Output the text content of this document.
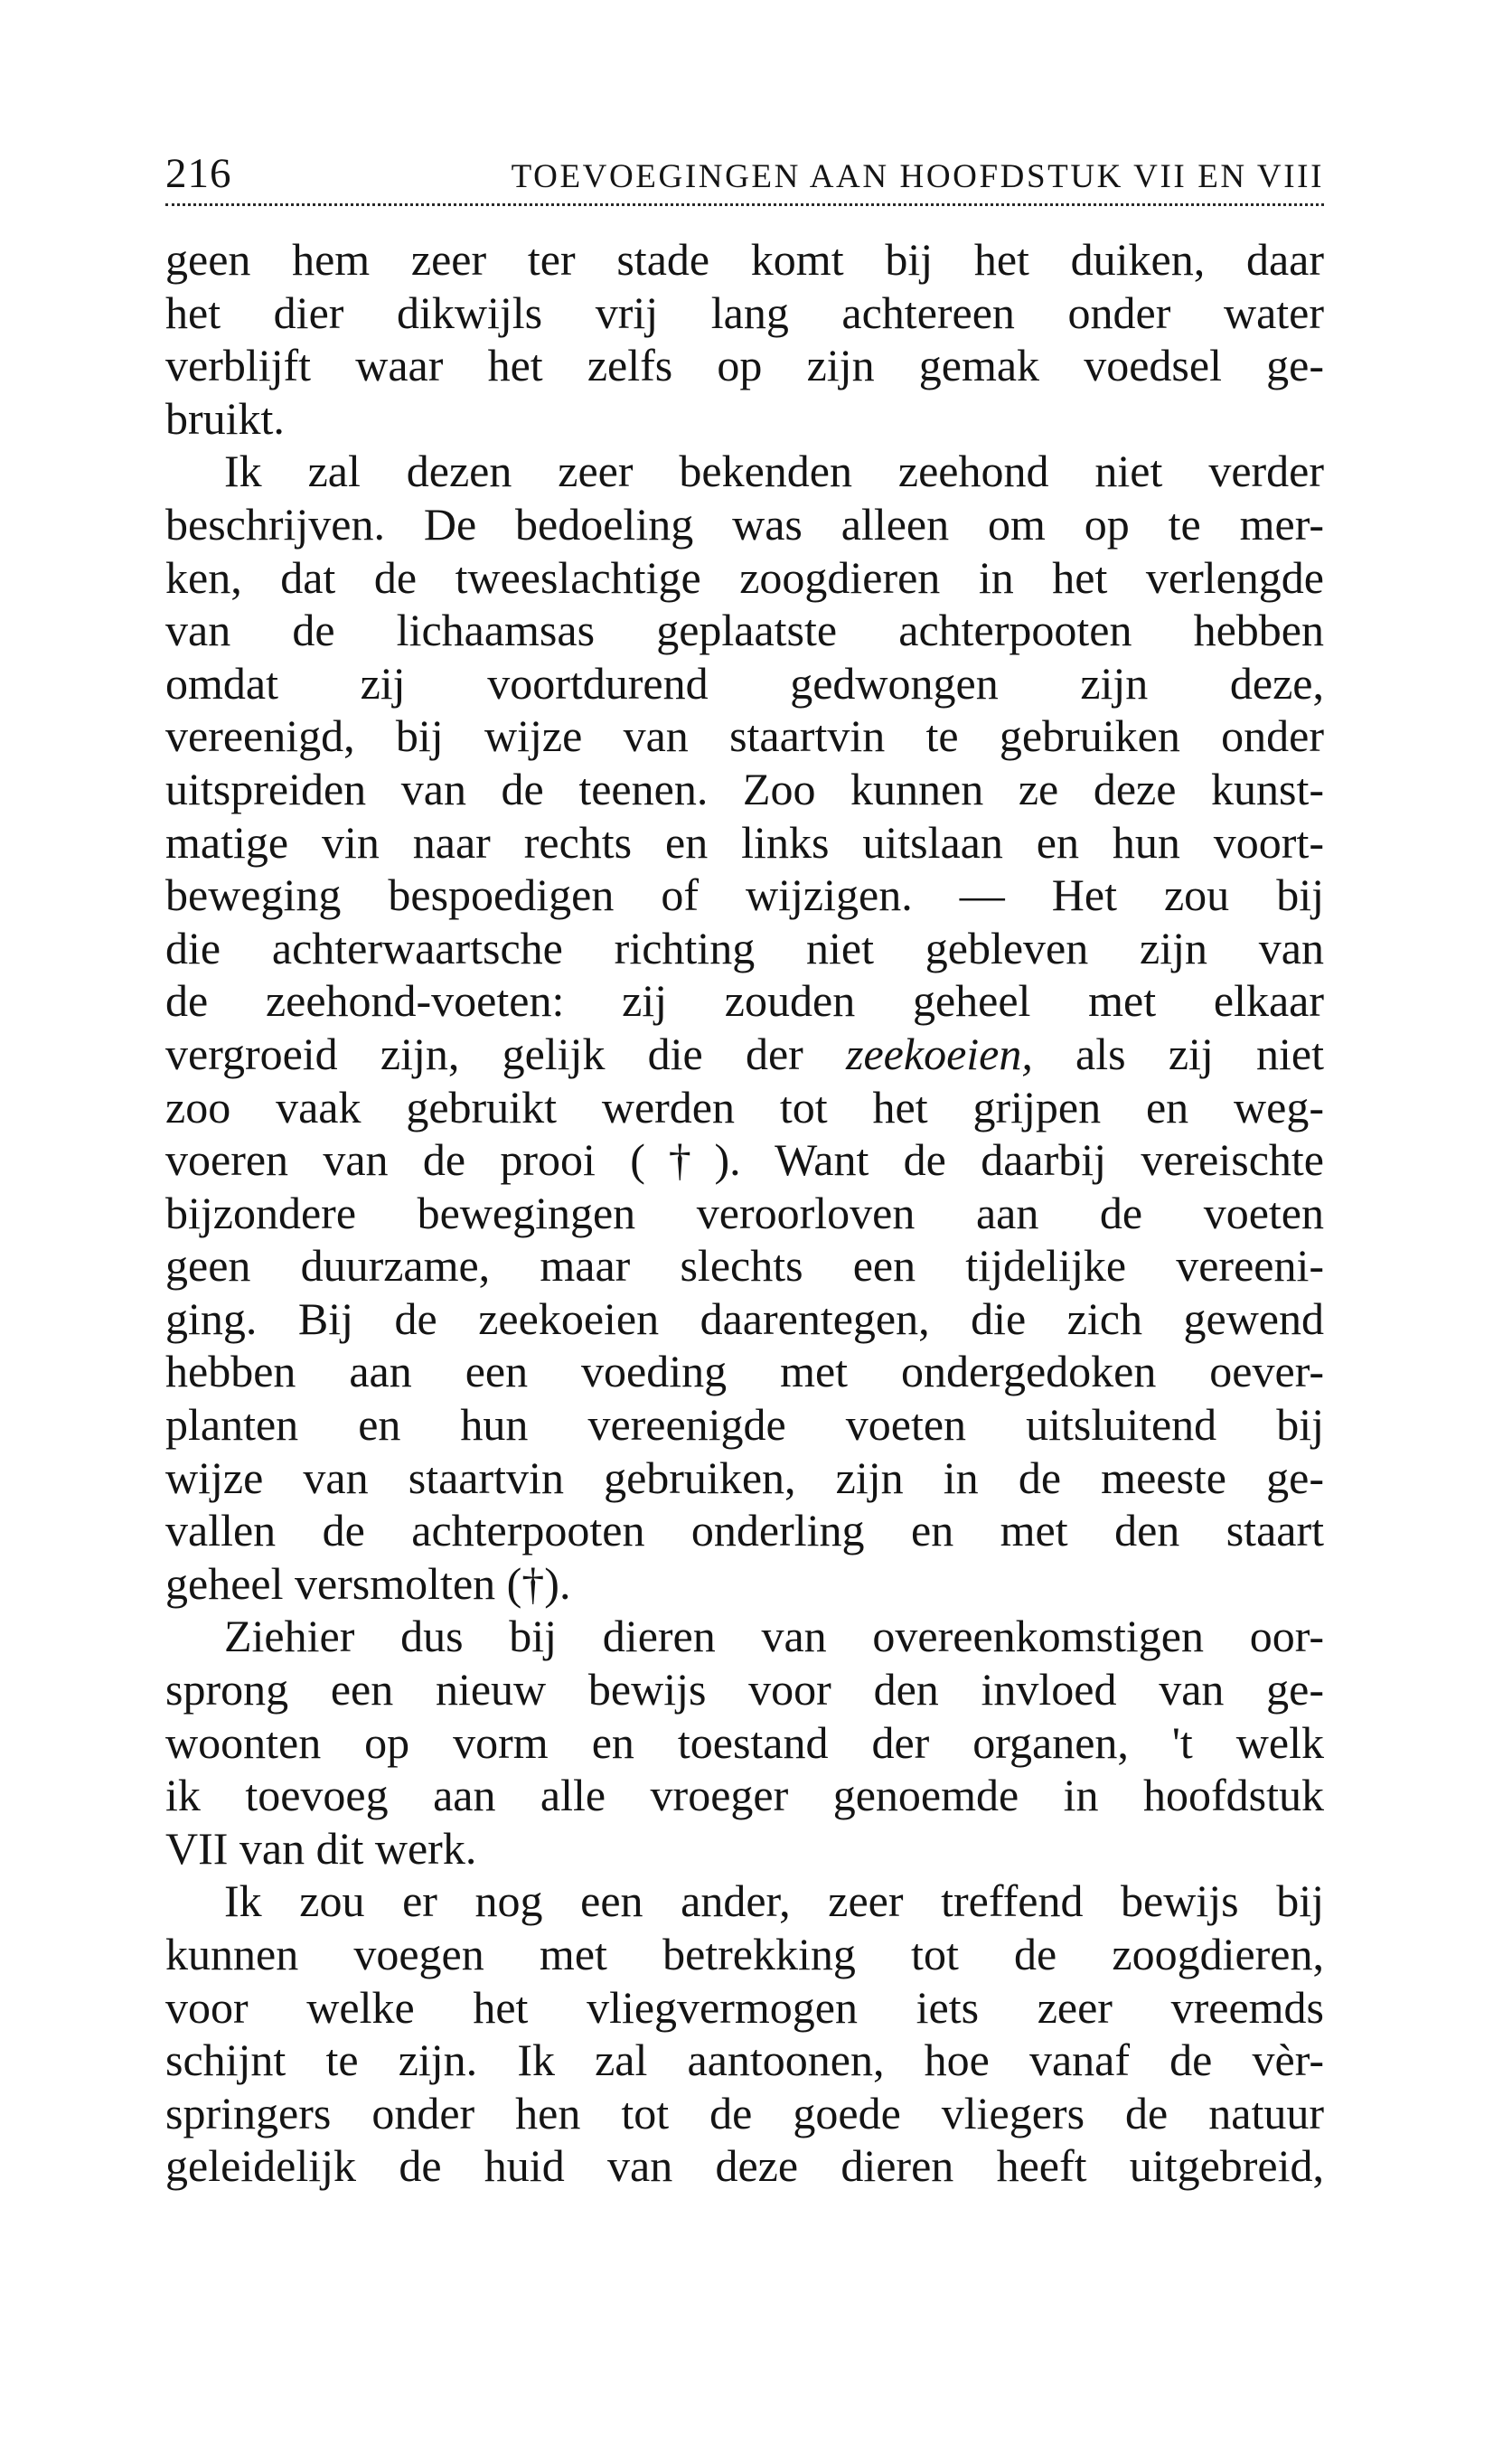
216	TOEVOEGINGEN AAN HOOFDSTUK VII EN VIII
geen hem zeer ter stade komt bij het duiken, daar
het dier dikwijls vrij lang achtereen onder water
verblijft waar het zelfs op zijn gemak voedsel ge-
bruikt.
Ik zal dezen zeer bekenden zeehond niet verder
beschrijven. De bedoeling was alleen om op te mer-
ken, dat de tweeslachtige zoogdieren in het verlengde
van de lichaamsas geplaatste achterpooten hebben
omdat zij voortdurend gedwongen zijn deze,
vereenigd, bij wijze van staartvin te gebruiken onder
uitspreiden van de teenen. Zoo kunnen ze deze kunst-
matige vin naar rechts en links uitslaan en hun voort-
beweging bespoedigen of wijzigen. — Het zou bij
die achterwaartsche richting niet gebleven zijn van
de zeehond-voeten: zij zouden geheel met elkaar
vergroeid zijn, gelijk die der zeekoeien, als zij niet
zoo vaak gebruikt werden tot het grijpen en weg-
voeren van de prooi (†). Want de daarbij vereischte
bijzondere bewegingen veroorloven aan de voeten
geen duurzame, maar slechts een tijdelijke vereeni-
ging. Bij de zeekoeien daarentegen, die zich gewend
hebben aan een voeding met ondergedoken oever-
planten en hun vereenigde voeten uitsluitend bij
wijze van staartvin gebruiken, zijn in de meeste ge-
vallen de achterpooten onderling en met den staart
geheel versmolten (†).
Ziehier dus bij dieren van overeenkomstigen oor-
sprong een nieuw bewijs voor den invloed van ge-
woonten op vorm en toestand der organen, 't welk
ik toevoeg aan alle vroeger genoemde in hoofdstuk
VII van dit werk.
Ik zou er nog een ander, zeer treffend bewijs bij
kunnen voegen met betrekking tot de zoogdieren,
voor welke het vliegvermogen iets zeer vreemds
schijnt te zijn. Ik zal aantoonen, hoe vanaf de vèr-
springers onder hen tot de goede vliegers de natuur
geleidelijk de huid van deze dieren heeft uitgebreid,
